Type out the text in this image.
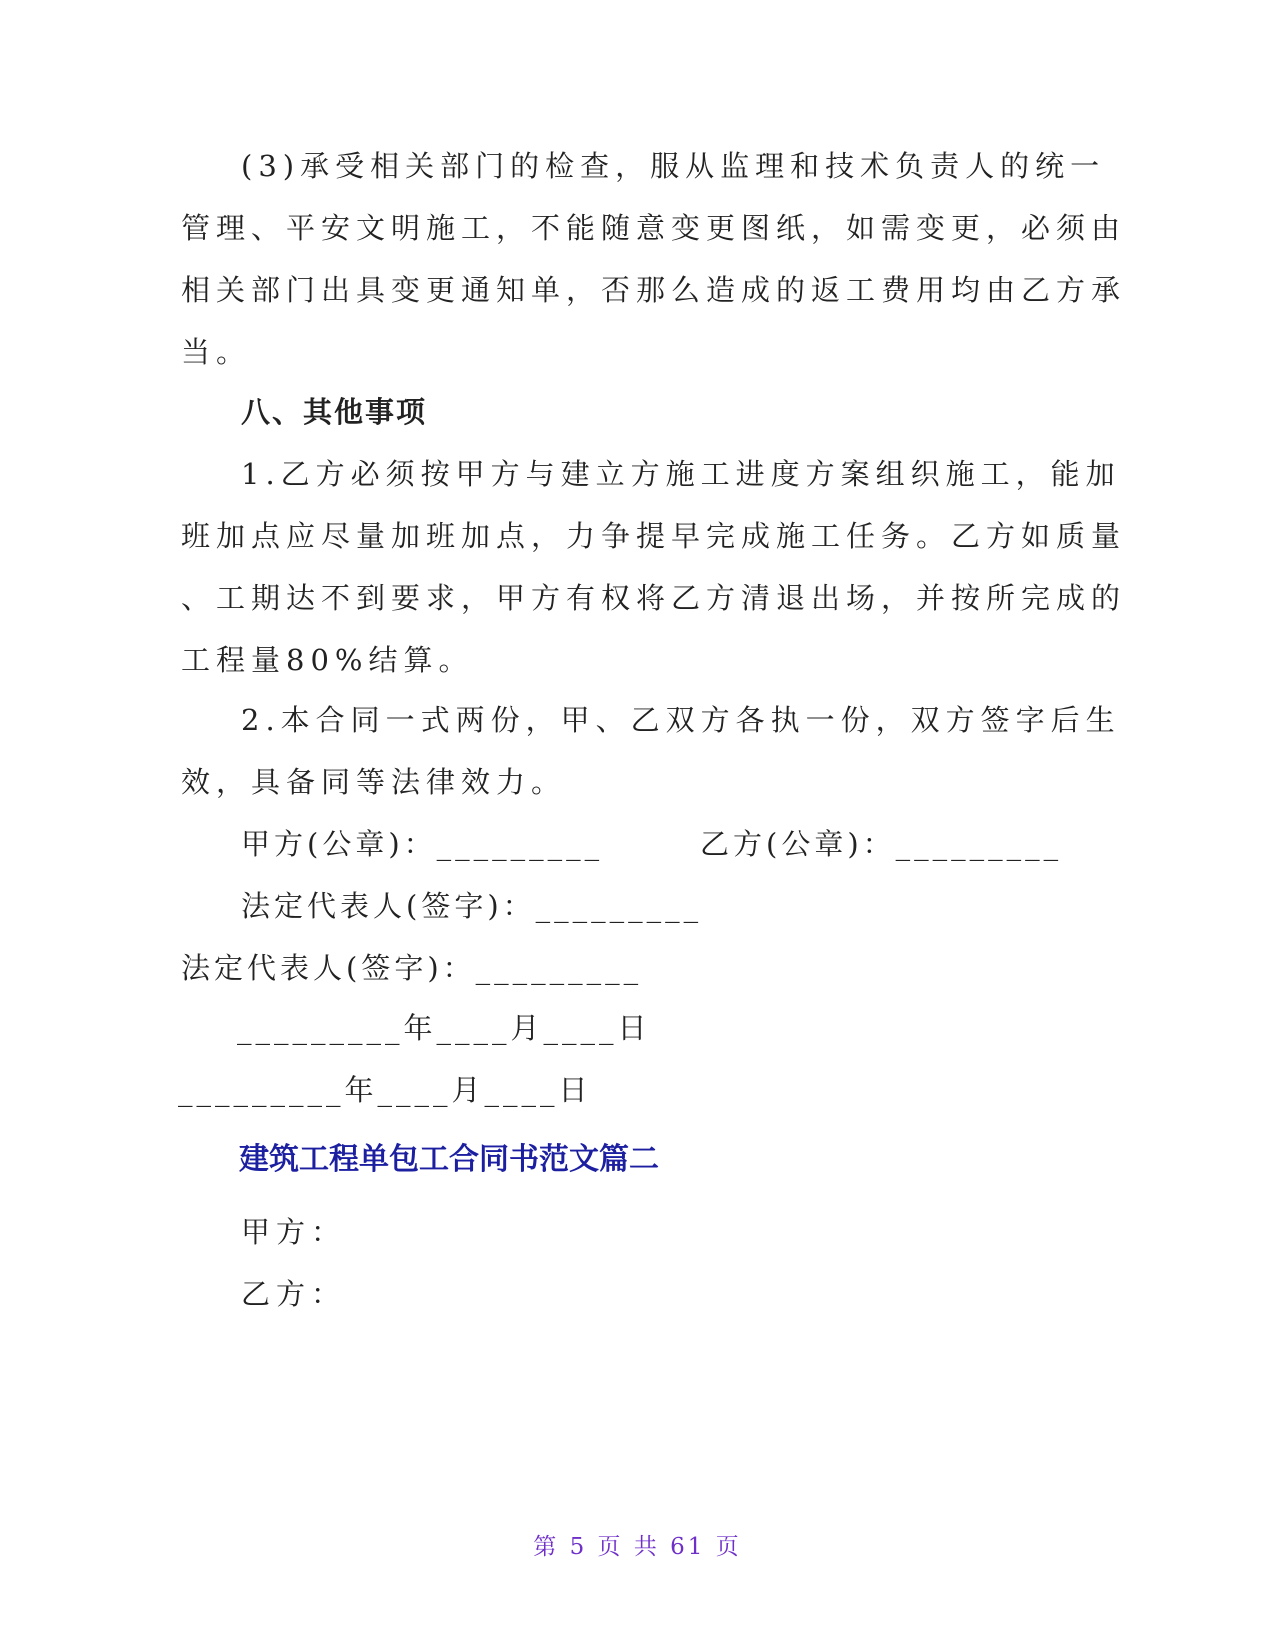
(3)承受相关部门的检查，服从监理和技术负责人的统一

管理、平安文明施工，不能随意变更图纸，如需变更，必须由

相关部门出具变更通知单，否那么造成的返工费用均由乙方承

当。

八、其他事项

1.乙方必须按甲方与建立方施工进度方案组织施工，能加

班加点应尽量加班加点，力争提早完成施工任务。乙方如质量

、工期达不到要求，甲方有权将乙方清退出场，并按所完成的

工程量80%结算。

2.本合同一式两份，甲、乙双方各执一份，双方签字后生

效，具备同等法律效力。

甲方(公章)：_________	乙方(公章)：_________

法定代表人(签字)：_________

法定代表人(签字)：_________

_________年____月____日

_________年____月____日

建筑工程单包工合同书范文篇二

甲方：

乙方：

第 5 页 共 61 页
